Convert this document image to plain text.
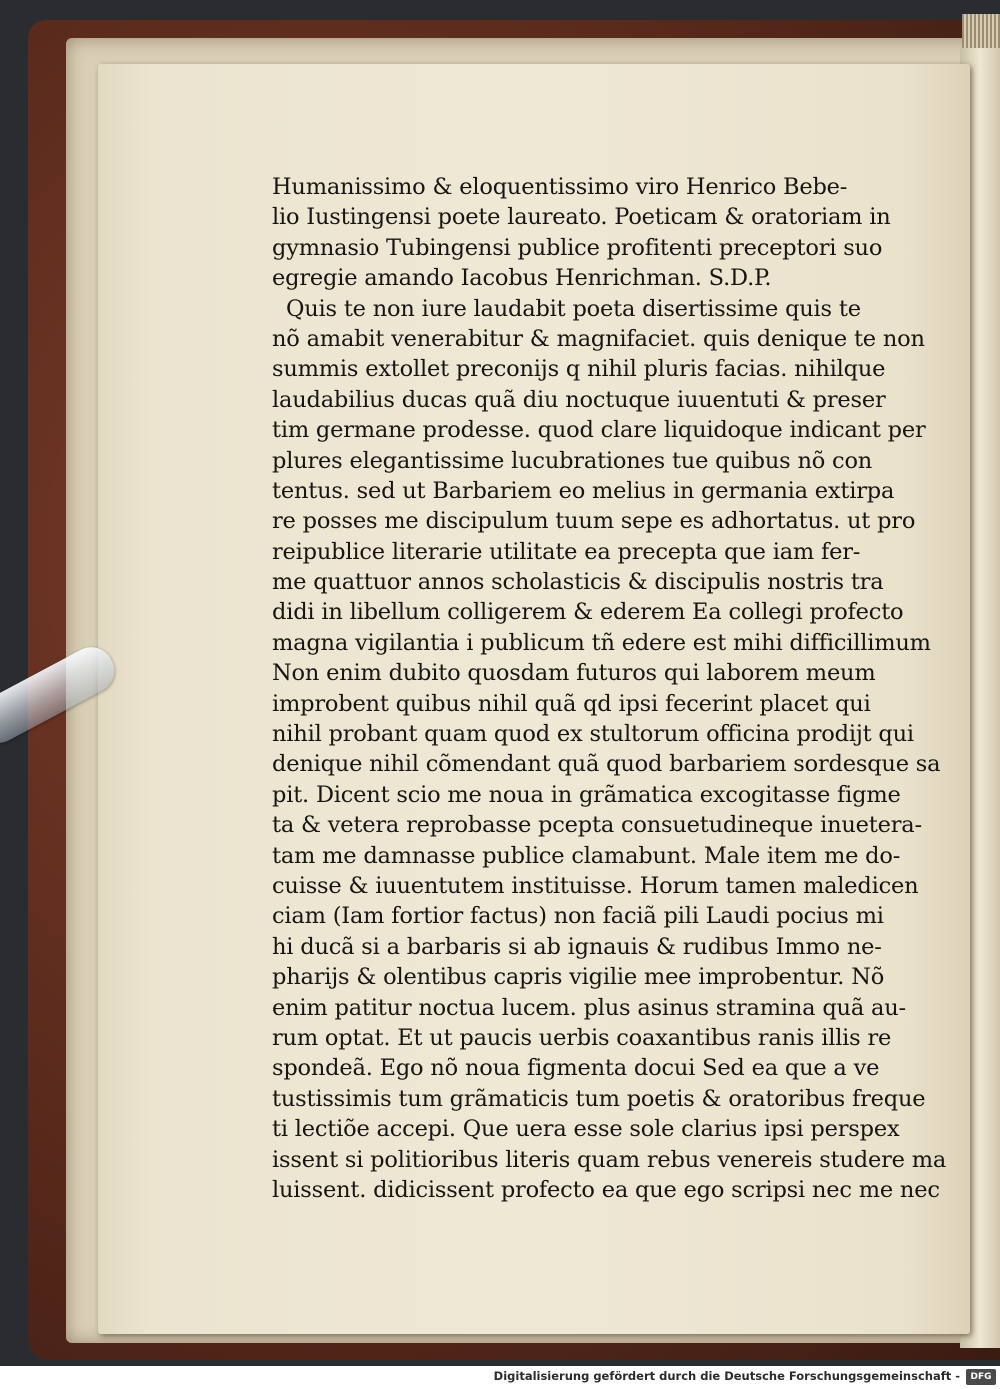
Humanissimo & eloquentissimo viro Henrico Bebe-
lio Iustingensi poete laureato. Poeticam & oratoriam in
gymnasio Tubingensi publice profitenti preceptori suo
egregie amando Iacobus Henrichman. S.D.P.
Quis te non iure laudabit poeta disertissime quis te
nõ amabit venerabitur & magnifaciet. quis denique te non
summis extollet preconijs q nihil pluris facias. nihilque
laudabilius ducas quã diu noctuque iuuentuti & preser
tim germane prodesse. quod clare liquidoque indicant per
plures elegantissime lucubrationes tue quibus nõ con
tentus. sed ut Barbariem eo melius in germania extirpa
re posses me discipulum tuum sepe es adhortatus. ut pro
reipublice literarie utilitate ea precepta que iam fer-
me quattuor annos scholasticis & discipulis nostris tra
didi in libellum colligerem & ederem Ea collegi profecto
magna vigilantia i publicum tñ edere est mihi difficillimum
Non enim dubito quosdam futuros qui laborem meum
improbent quibus nihil quã qd ipsi fecerint placet qui
nihil probant quam quod ex stultorum officina prodijt qui
denique nihil cõmendant quã quod barbariem sordesque sa
pit. Dicent scio me noua in grãmatica excogitasse figme
ta & vetera reprobasse pcepta consuetudineque inuetera-
tam me damnasse publice clamabunt. Male item me do-
cuisse & iuuentutem instituisse. Horum tamen maledicen
ciam (Iam fortior factus) non faciã pili Laudi pocius mi
hi ducã si a barbaris si ab ignauis & rudibus Immo ne-
pharijs & olentibus capris vigilie mee improbentur. Nõ
enim patitur noctua lucem. plus asinus stramina quã au-
rum optat. Et ut paucis uerbis coaxantibus ranis illis re
spondeã. Ego nõ noua figmenta docui Sed ea que a ve
tustissimis tum grãmaticis tum poetis & oratoribus freque
ti lectiõe accepi. Que uera esse sole clarius ipsi perspex
issent si politioribus literis quam rebus venereis studere ma
luissent. didicissent profecto ea que ego scripsi nec me nec
Digitalisierung gefördert durch die Deutsche Forschungsgemeinschaft -	DFG
